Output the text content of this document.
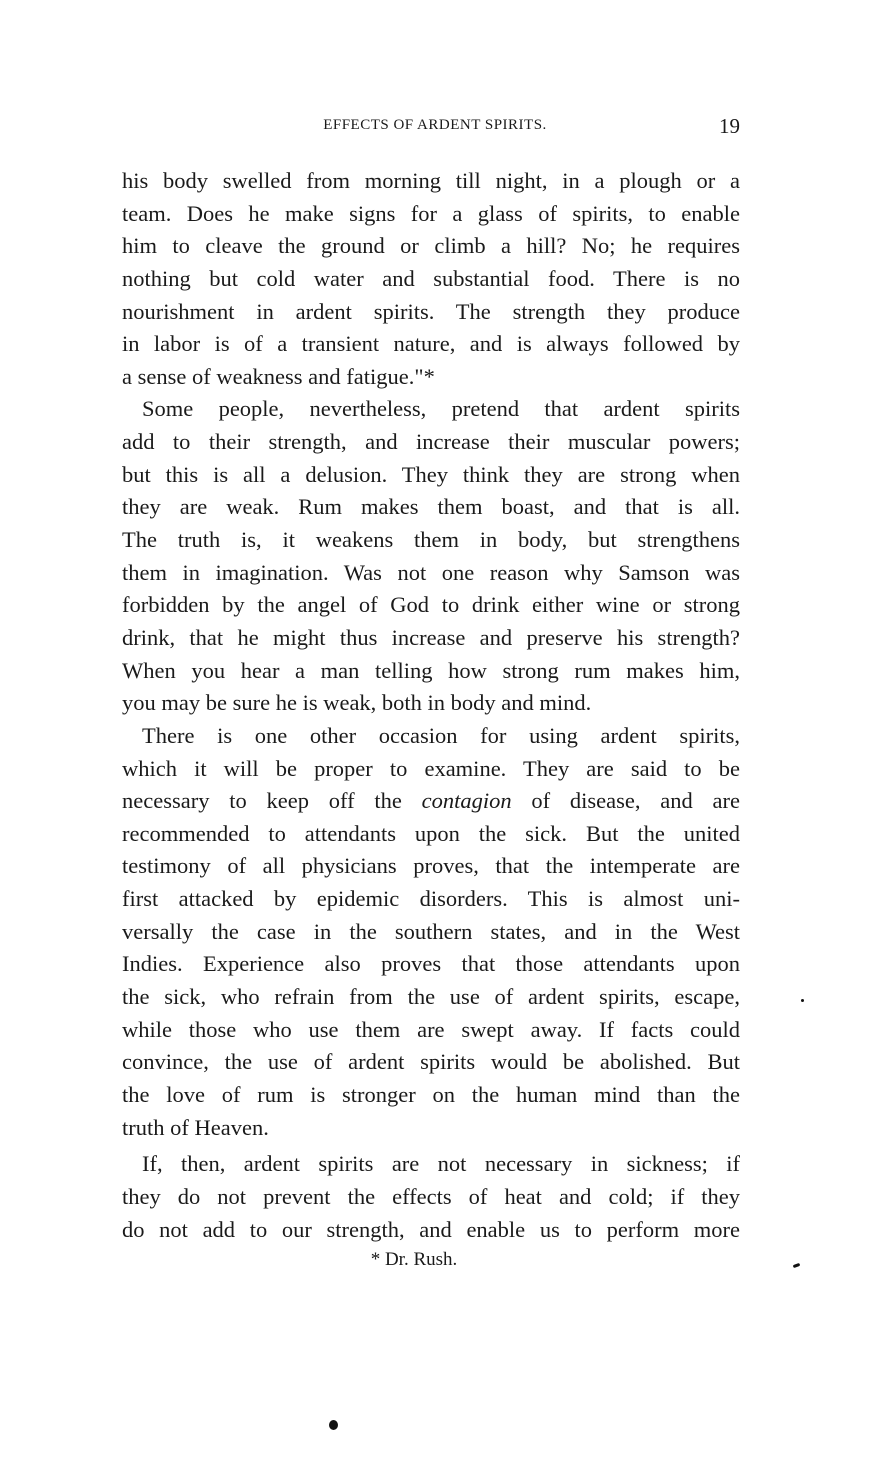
EFFECTS OF ARDENT SPIRITS.	19
his body swelled from morning till night, in a plough or a
team. Does he make signs for a glass of spirits, to enable
him to cleave the ground or climb a hill? No; he requires
nothing but cold water and substantial food. There is no
nourishment in ardent spirits. The strength they produce
in labor is of a transient nature, and is always followed by
a sense of weakness and fatigue."*
Some people, nevertheless, pretend that ardent spirits
add to their strength, and increase their muscular powers;
but this is all a delusion. They think they are strong when
they are weak. Rum makes them boast, and that is all.
The truth is, it weakens them in body, but strengthens
them in imagination. Was not one reason why Samson was
forbidden by the angel of God to drink either wine or strong
drink, that he might thus increase and preserve his strength?
When you hear a man telling how strong rum makes him,
you may be sure he is weak, both in body and mind.
There is one other occasion for using ardent spirits,
which it will be proper to examine. They are said to be
necessary to keep off the contagion of disease, and are
recommended to attendants upon the sick. But the united
testimony of all physicians proves, that the intemperate are
first attacked by epidemic disorders. This is almost uni-
versally the case in the southern states, and in the West
Indies. Experience also proves that those attendants upon
the sick, who refrain from the use of ardent spirits, escape,
while those who use them are swept away. If facts could
convince, the use of ardent spirits would be abolished. But
the love of rum is stronger on the human mind than the
truth of Heaven.
If, then, ardent spirits are not necessary in sickness; if
they do not prevent the effects of heat and cold; if they
do not add to our strength, and enable us to perform more
* Dr. Rush.
